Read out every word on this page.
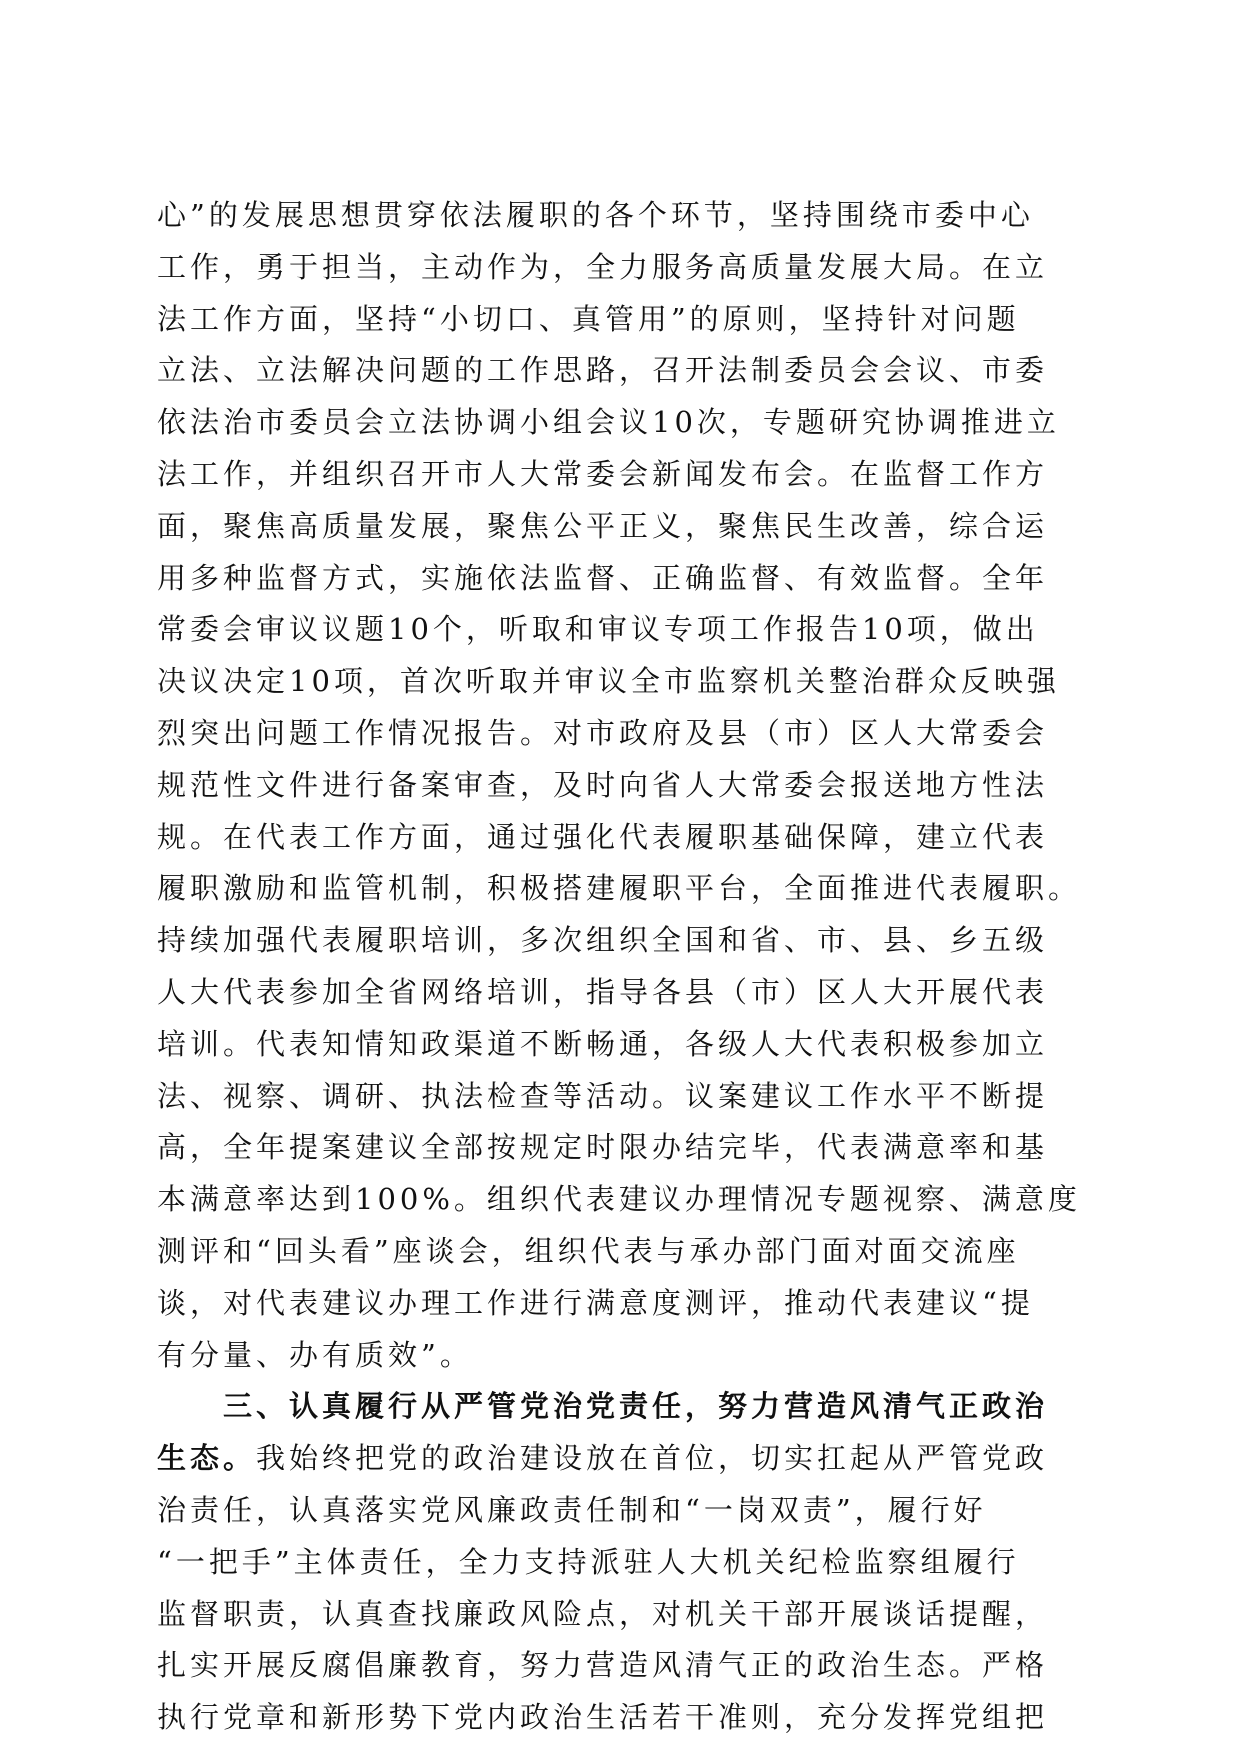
心”的发展思想贯穿依法履职的各个环节，坚持围绕市委中心
工作，勇于担当，主动作为，全力服务高质量发展大局。在立
法工作方面，坚持“小切口、真管用”的原则，坚持针对问题
立法、立法解决问题的工作思路，召开法制委员会会议、市委
依法治市委员会立法协调小组会议10次，专题研究协调推进立
法工作，并组织召开市人大常委会新闻发布会。在监督工作方
面，聚焦高质量发展，聚焦公平正义，聚焦民生改善，综合运
用多种监督方式，实施依法监督、正确监督、有效监督。全年
常委会审议议题10个，听取和审议专项工作报告10项，做出
决议决定10项，首次听取并审议全市监察机关整治群众反映强
烈突出问题工作情况报告。对市政府及县（市）区人大常委会
规范性文件进行备案审查，及时向省人大常委会报送地方性法
规。在代表工作方面，通过强化代表履职基础保障，建立代表
履职激励和监管机制，积极搭建履职平台，全面推进代表履职。
持续加强代表履职培训，多次组织全国和省、市、县、乡五级
人大代表参加全省网络培训，指导各县（市）区人大开展代表
培训。代表知情知政渠道不断畅通，各级人大代表积极参加立
法、视察、调研、执法检查等活动。议案建议工作水平不断提
高，全年提案建议全部按规定时限办结完毕，代表满意率和基
本满意率达到100%。组织代表建议办理情况专题视察、满意度
测评和“回头看”座谈会，组织代表与承办部门面对面交流座
谈，对代表建议办理工作进行满意度测评，推动代表建议“提
有分量、办有质效”。
三、认真履行从严管党治党责任，努力营造风清气正政治
生态。我始终把党的政治建设放在首位，切实扛起从严管党政
治责任，认真落实党风廉政责任制和“一岗双责”，履行好
“一把手”主体责任，全力支持派驻人大机关纪检监察组履行
监督职责，认真查找廉政风险点，对机关干部开展谈话提醒，
扎实开展反腐倡廉教育，努力营造风清气正的政治生态。严格
执行党章和新形势下党内政治生活若干准则，充分发挥党组把
